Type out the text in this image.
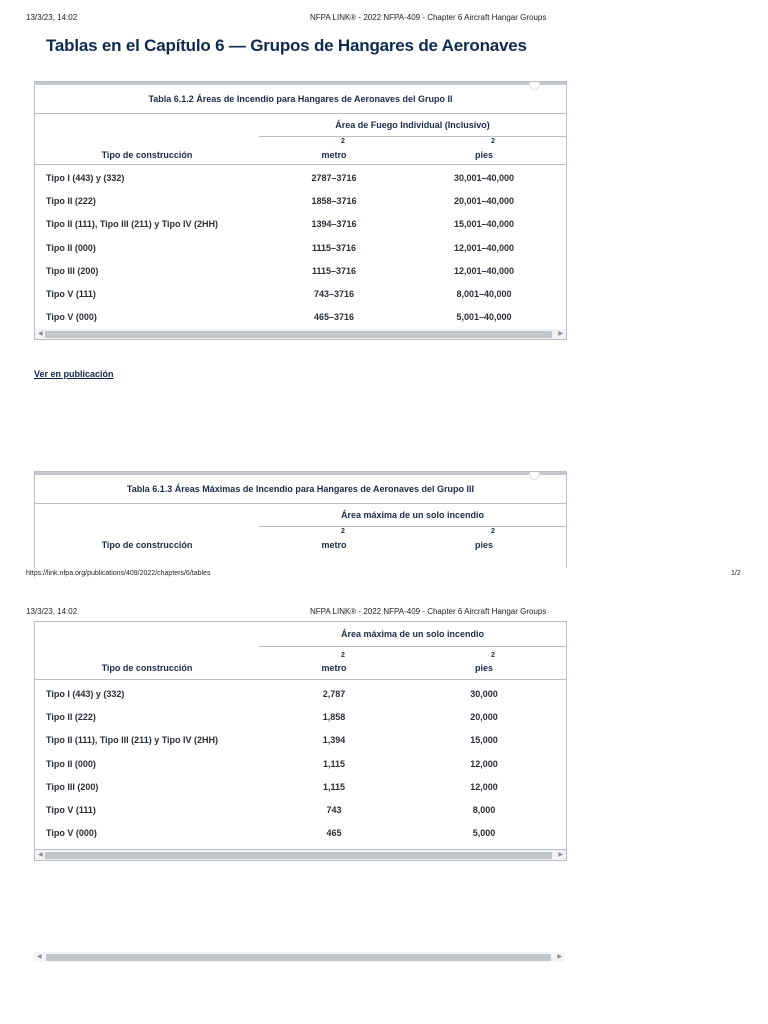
13/3/23, 14:02	NFPA LINK® - 2022 NFPA-409 - Chapter 6 Aircraft Hangar Groups
Tablas en el Capítulo 6 — Grupos de Hangares de Aeronaves
Tabla 6.1.2 Áreas de Incendio para Hangares de Aeronaves del Grupo II
Área de Fuego Individual (Inclusivo)
Tipo de construcción
2
metro
2
pies
Tipo I (443) y (332)	2787–3716	30,001–40,000
Tipo II (222)	1858–3716	20,001–40,000
Tipo II (111), Tipo III (211) y Tipo IV (2HH)	1394–3716	15,001–40,000
Tipo II (000)	1115–3716	12,001–40,000
Tipo III (200)	1115–3716	12,001–40,000
Tipo V (111)	743–3716	8,001–40,000
Tipo V (000)	465–3716	5,001–40,000
◀	▶
Ver en publicación
Tabla 6.1.3 Áreas Máximas de Incendio para Hangares de Aeronaves del Grupo III
Área máxima de un solo incendio
Tipo de construcción
2
metro
2
pies
https://link.nfpa.org/publications/409/2022/chapters/6/tables	1/2
13/3/23, 14:02	NFPA LINK® - 2022 NFPA-409 - Chapter 6 Aircraft Hangar Groups
Área máxima de un solo incendio
Tipo de construcción
2
metro
2
pies
Tipo I (443) y (332)	2,787	30,000
Tipo II (222)	1,858	20,000
Tipo II (111), Tipo III (211) y Tipo IV (2HH)	1,394	15,000
Tipo II (000)	1,115	12,000
Tipo III (200)	1,115	12,000
Tipo V (111)	743	8,000
Tipo V (000)	465	5,000
◀	▶
◀	▶
